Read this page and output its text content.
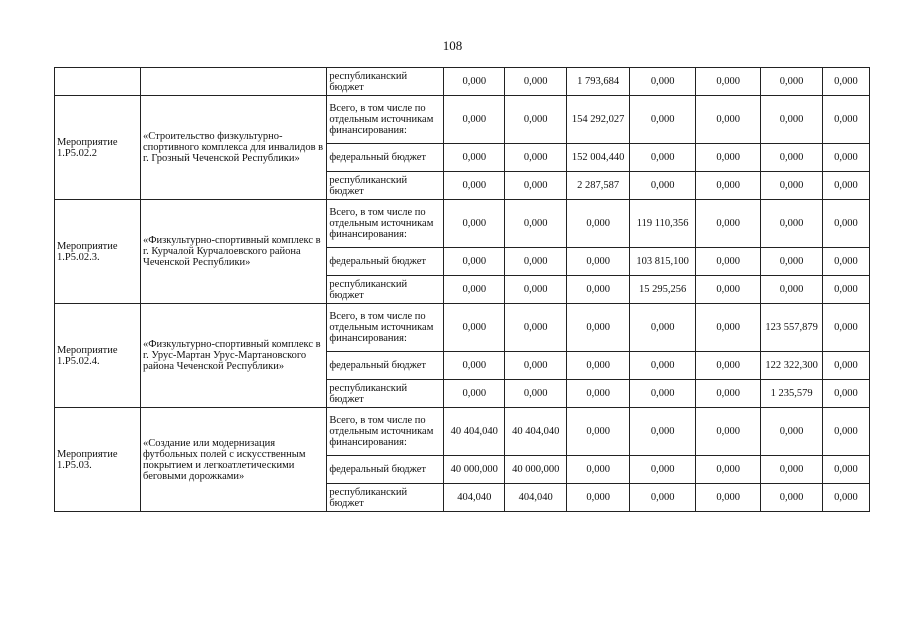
108
		республиканский бюджет	0,000	0,000	1 793,684	0,000	0,000	0,000	0,000
Мероприятие 1.Р5.02.2	«Строительство физкультурно-спортивного комплекса для инвалидов в г. Грозный Чеченской Республики»	Всего, в том числе по отдельным источникам финансирования:	0,000	0,000	154 292,027	0,000	0,000	0,000	0,000
		федеральный бюджет	0,000	0,000	152 004,440	0,000	0,000	0,000	0,000
		республиканский бюджет	0,000	0,000	2 287,587	0,000	0,000	0,000	0,000
Мероприятие 1.Р5.02.3.	«Физкультурно-спортивный комплекс в г. Курчалой Курчалоевского района Чеченской Республики»	Всего, в том числе по отдельным источникам финансирования:	0,000	0,000	0,000	119 110,356	0,000	0,000	0,000
		федеральный бюджет	0,000	0,000	0,000	103 815,100	0,000	0,000	0,000
		республиканский бюджет	0,000	0,000	0,000	15 295,256	0,000	0,000	0,000
Мероприятие 1.Р5.02.4.	«Физкультурно-спортивный комплекс в г. Урус-Мартан Урус-Мартановского района Чеченской Республики»	Всего, в том числе по отдельным источникам финансирования:	0,000	0,000	0,000	0,000	0,000	123 557,879	0,000
		федеральный бюджет	0,000	0,000	0,000	0,000	0,000	122 322,300	0,000
		республиканский бюджет	0,000	0,000	0,000	0,000	0,000	1 235,579	0,000
Мероприятие 1.Р5.03.	«Создание или модернизация футбольных полей с искусственным покрытием и легкоатлетическими беговыми дорожками»	Всего, в том числе по отдельным источникам финансирования:	40 404,040	40 404,040	0,000	0,000	0,000	0,000	0,000
		федеральный бюджет	40 000,000	40 000,000	0,000	0,000	0,000	0,000	0,000
		республиканский бюджет	404,040	404,040	0,000	0,000	0,000	0,000	0,000
